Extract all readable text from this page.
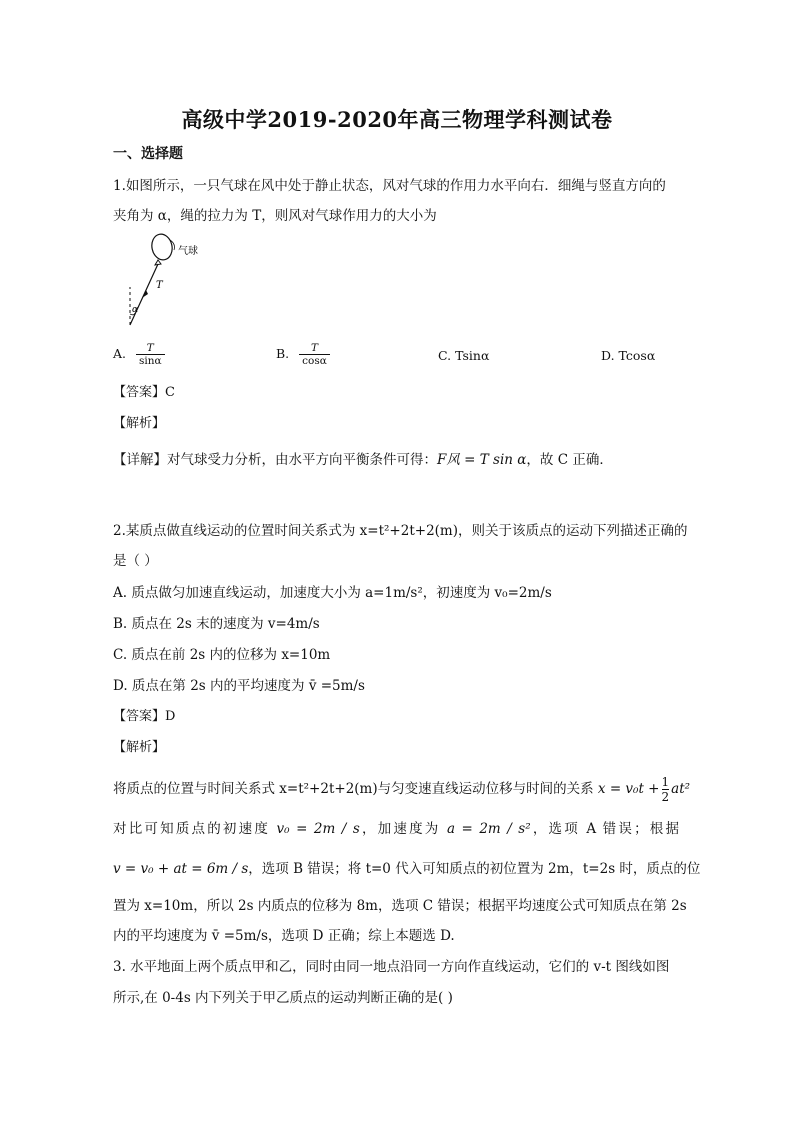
高级中学2019-2020年高三物理学科测试卷
一、选择题
1.如图所示，一只气球在风中处于静止状态，风对气球的作用力水平向右．细绳与竖直方向的
夹角为 α，绳的拉力为 T，则风对气球作用力的大小为
气球
T
α
A. $\frac{T}{\sin\alpha}$	B. $\frac{T}{\cos\alpha}$	C. Tsinα	D. Tcosα
【答案】C
【解析】
【详解】对气球受力分析，由水平方向平衡条件可得：F风 = T sin α，故 C 正确．
2.某质点做直线运动的位置时间关系式为 x=t²+2t+2(m)，则关于该质点的运动下列描述正确的
是（ ）
A. 质点做匀加速直线运动，加速度大小为 a=1m/s²，初速度为 v₀=2m/s
B. 质点在 2s 末的速度为 v=4m/s
C. 质点在前 2s 内的位移为 x=10m
D. 质点在第 2s 内的平均速度为 v̄ =5m/s
【答案】D
【解析】
将质点的位置与时间关系式 x=t²+2t+2(m)与匀变速直线运动位移与时间的关系 $x = v_0t + \frac{1}{2} at^2$
对比可知质点的初速度 v₀ = 2m / s，加速度为 a = 2m / s²，选项 A 错误；根据
v = v₀ + at = 6m / s，选项 B 错误；将 t=0 代入可知质点的初位置为 2m，t=2s 时，质点的位
置为 x=10m，所以 2s 内质点的位移为 8m，选项 C 错误；根据平均速度公式可知质点在第 2s
内的平均速度为 v̄ =5m/s，选项 D 正确；综上本题选 D.
3. 水平地面上两个质点甲和乙，同时由同一地点沿同一方向作直线运动，它们的 v-t 图线如图
所示,在 0-4s 内下列关于甲乙质点的运动判断正确的是( )
